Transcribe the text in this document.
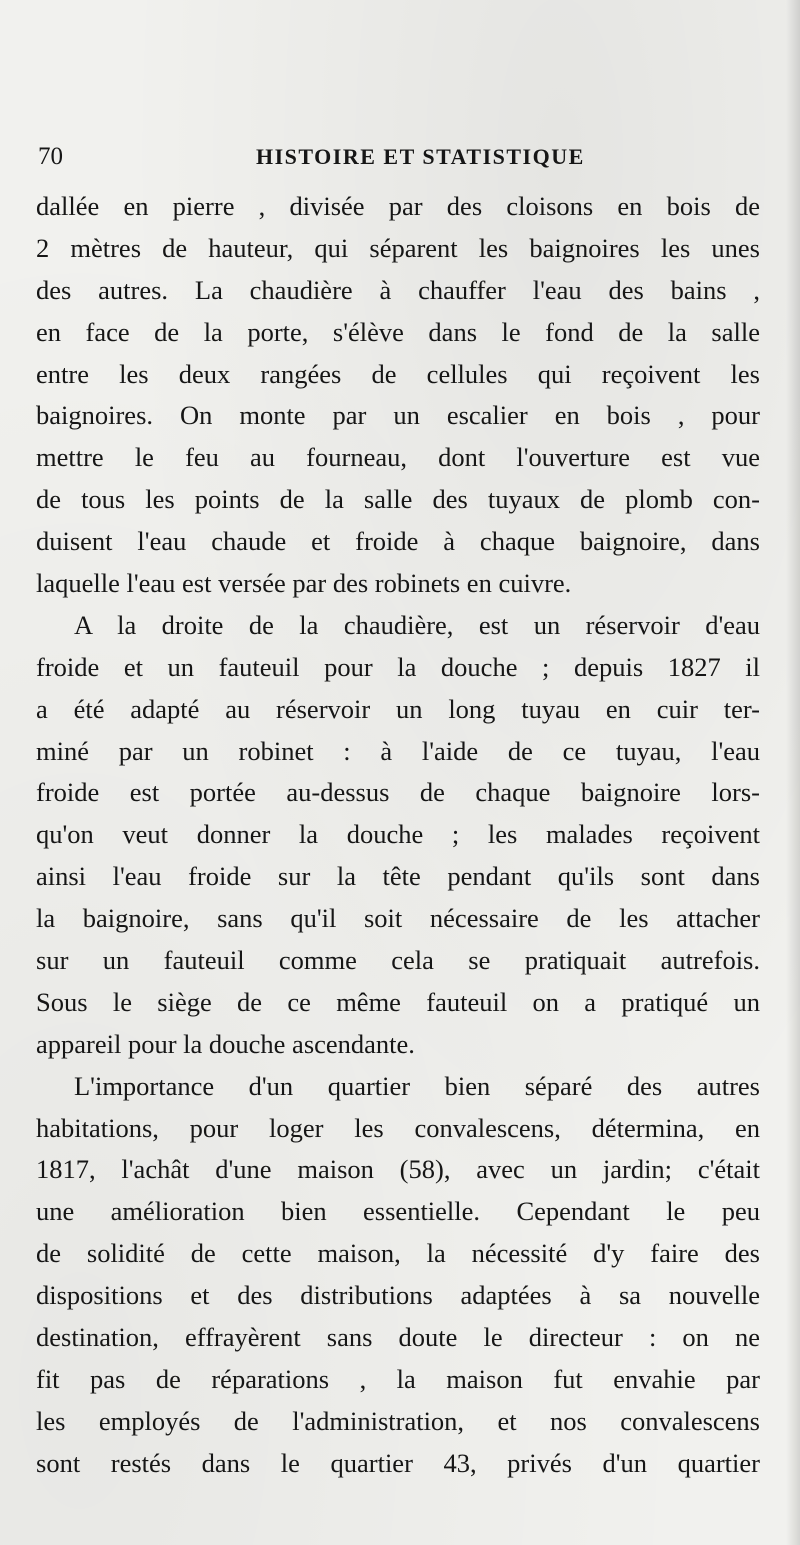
70	HISTOIRE ET STATISTIQUE
dallée en pierre , divisée par des cloisons en bois de
2 mètres de hauteur, qui séparent les baignoires les unes
des autres. La chaudière à chauffer l'eau des bains ,
en face de la porte, s'élève dans le fond de la salle
entre les deux rangées de cellules qui reçoivent les
baignoires. On monte par un escalier en bois , pour
mettre le feu au fourneau, dont l'ouverture est vue
de tous les points de la salle des tuyaux de plomb con-
duisent l'eau chaude et froide à chaque baignoire, dans
laquelle l'eau est versée par des robinets en cuivre.
A la droite de la chaudière, est un réservoir d'eau
froide et un fauteuil pour la douche ; depuis 1827 il
a été adapté au réservoir un long tuyau en cuir ter-
miné par un robinet : à l'aide de ce tuyau, l'eau
froide est portée au-dessus de chaque baignoire lors-
qu'on veut donner la douche ; les malades reçoivent
ainsi l'eau froide sur la tête pendant qu'ils sont dans
la baignoire, sans qu'il soit nécessaire de les attacher
sur un fauteuil comme cela se pratiquait autrefois.
Sous le siège de ce même fauteuil on a pratiqué un
appareil pour la douche ascendante.
L'importance d'un quartier bien séparé des autres
habitations, pour loger les convalescens, détermina, en
1817, l'achât d'une maison (58), avec un jardin; c'était
une amélioration bien essentielle. Cependant le peu
de solidité de cette maison, la nécessité d'y faire des
dispositions et des distributions adaptées à sa nouvelle
destination, effrayèrent sans doute le directeur : on ne
fit pas de réparations , la maison fut envahie par
les employés de l'administration, et nos convalescens
sont restés dans le quartier 43, privés d'un quartier
